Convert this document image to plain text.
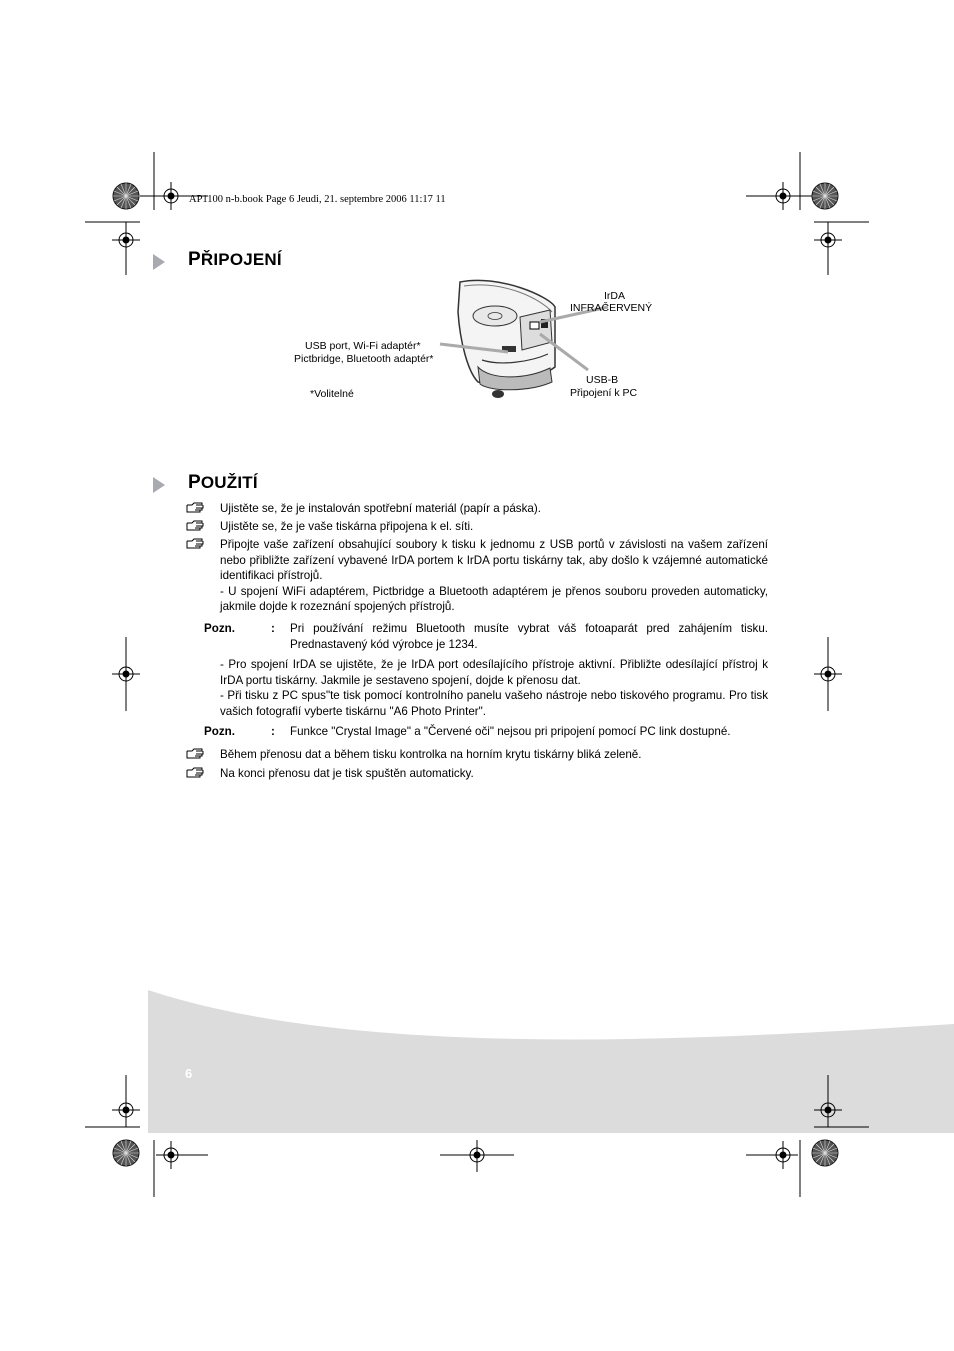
AP1100 n-b.book Page 6 Jeudi, 21. septembre 2006 11:17 11
PŘIPOJENÍ
IrDA
INFRAČERVENÝ
USB port, Wi-Fi adaptér*
Pictbridge, Bluetooth adaptér*
*Volitelné
USB-B
Připojení k PC
POUŽITÍ
Ujistěte se, že je instalován spotřební materiál (papír a páska).
Ujistěte se, že je vaše tiskárna připojena k el. síti.
Připojte vaše zařízení obsahující soubory k tisku k jednomu z USB portů v závislosti na vašem zařízení nebo přibližte zařízení vybavené IrDA portem k IrDA portu tiskárny tak, aby došlo k vzájemné automatické identifikaci přístrojů.
- U spojení WiFi adaptérem, Pictbridge a Bluetooth adaptérem je přenos souboru proveden automaticky, jakmile dojde k rozeznání spojených přístrojů.
Pozn.	: Pri používání režimu Bluetooth musíte vybrat váš fotoaparát pred zahájením tisku. Prednastavený kód výrobce je 1234.
- Pro spojení IrDA se ujistěte, že je IrDA port odesílajícího přístroje aktivní. Přibližte odesílající přístroj k IrDA portu tiskárny. Jakmile je sestaveno spojení, dojde k přenosu dat.
- Při tisku z PC spus"te tisk pomocí kontrolního panelu vašeho nástroje nebo tiskového programu. Pro tisk vašich fotografií vyberte tiskárnu "A6 Photo Printer".
Pozn.	: Funkce "Crystal Image" a "Červené oči" nejsou pri pripojení pomocí PC link dostupné.
Během přenosu dat a během tisku kontrolka na horním krytu tiskárny bliká zeleně.
Na konci přenosu dat je tisk spuštěn automaticky.
6
